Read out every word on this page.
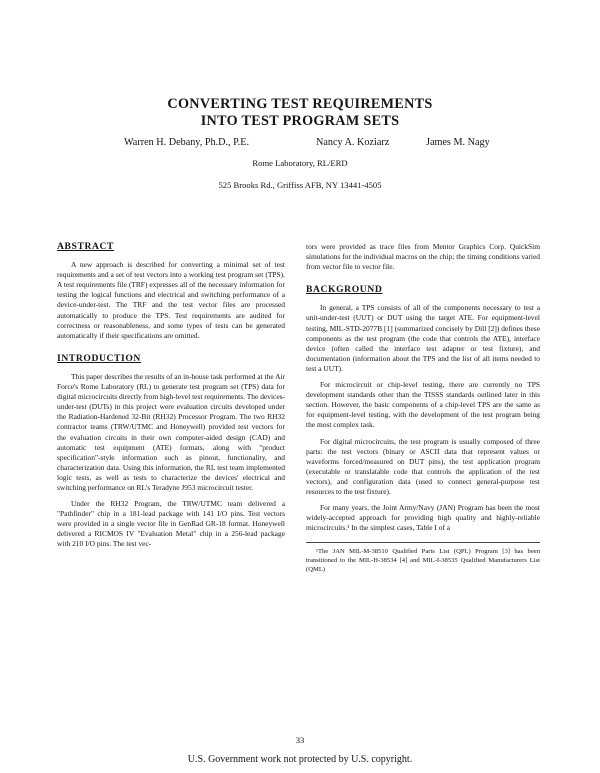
CONVERTING TEST REQUIREMENTS
INTO TEST PROGRAM SETS
Warren H. Debany, Ph.D., P.E.	Nancy A. Koziarz	James M. Nagy
Rome Laboratory, RL/ERD
525 Brooks Rd., Griffiss AFB, NY 13441-4505
ABSTRACT

A new approach is described for converting a minimal set of test requirements and a set of test vectors into a working test program set (TPS). A test requirements file (TRF) expresses all of the necessary information for testing the logical functions and electrical and switching performance of a device-under-test. The TRF and the test vector files are processed automatically to produce the TPS. Test requirements are audited for correctness or reasonableness, and some types of tests can be generated automatically if their specifications are omitted.

INTRODUCTION

This paper describes the results of an in-house task performed at the Air Force's Rome Laboratory (RL) to generate test program set (TPS) data for digital microcircuits directly from high-level test requirements. The devices-under-test (DUTs) in this project were evaluation circuits developed under the Radiation-Hardened 32-Bit (RH32) Processor Program. The two RH32 contractor teams (TRW/UTMC and Honeywell) provided test vectors for the evaluation circuits in their own computer-aided design (CAD) and automatic test equipment (ATE) formats, along with "product specification"-style information such as pinout, functionality, and characterization data. Using this information, the RL test team implemented logic tests, as well as tests to characterize the devices' electrical and switching performance on RL's Teradyne J953 microcircuit tester.

Under the RH32 Program, the TRW/UTMC team delivered a "Pathfinder" chip in a 181-lead package with 141 I/O pins. Test vectors were provided in a single vector file in GenRad GR-18 format. Honeywell delivered a RICMOS IV "Evaluation Metal" chip in a 256-lead package with 210 I/O pins. The test vec-

tors were provided as trace files from Mentor Graphics Corp. QuickSim simulations for the individual macros on the chip; the timing conditions varied from vector file to vector file.

BACKGROUND

In general, a TPS consists of all of the components necessary to test a unit-under-test (UUT) or DUT using the target ATE. For equipment-level testing, MIL-STD-2077B [1] (summarized concisely by Dill [2]) defines these components as the test program (the code that controls the ATE), interface device (often called the interface test adapter or test fixture), and documentation (information about the TPS and the list of all items needed to test a UUT).

For microcircuit or chip-level testing, there are currently no TPS development standards other than the TISSS standards outlined later in this section. However, the basic components of a chip-level TPS are the same as for equipment-level testing, with the development of the test program being the most complex task.

For digital microcircuits, the test program is usually composed of three parts: the test vectors (binary or ASCII data that represent values or waveforms forced/measured on DUT pins), the test application program (executable or translatable code that controls the application of the test vectors), and configuration data (used to connect general-purpose test resources to the test fixture).

For many years, the Joint Army/Navy (JAN) Program has been the most widely-accepted approach for providing high quality and highly-reliable microcircuits.¹ In the simplest cases, Table I of a

¹The JAN MIL-M-38510 Qualified Parts List (QPL) Program [3] has been transitioned to the MIL-H-38534 [4] and MIL-I-38535 Qualified Manufacturers List (QML)

33
U.S. Government work not protected by U.S. copyright.
